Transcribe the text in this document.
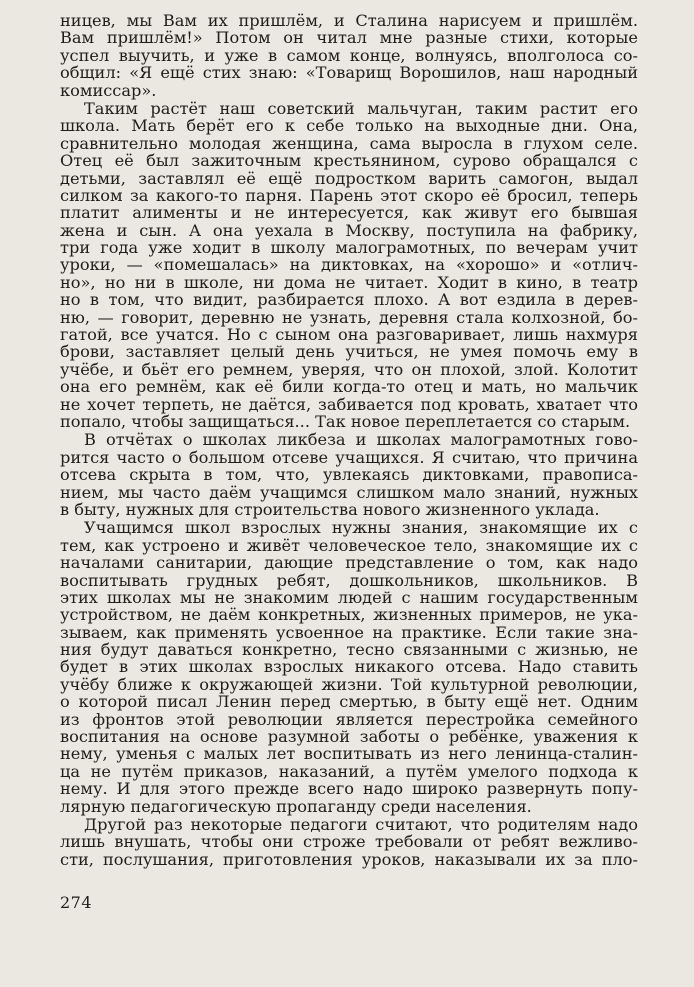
ницев, мы Вам их пришлём, и Сталина нарисуем и пришлём.
Вам пришлём!» Потом он читал мне разные стихи, которые
успел выучить, и уже в самом конце, волнуясь, вполголоса со-
общил: «Я ещё стих знаю: «Товарищ Ворошилов, наш народный
комиссар».
Таким растёт наш советский мальчуган, таким растит его
школа. Мать берёт его к себе только на выходные дни. Она,
сравнительно молодая женщина, сама выросла в глухом селе.
Отец её был зажиточным крестьянином, сурово обращался с
детьми, заставлял её ещё подростком варить самогон, выдал
силком за какого-то парня. Парень этот скоро её бросил, теперь
платит алименты и не интересуется, как живут его бывшая
жена и сын. А она уехала в Москву, поступила на фабрику,
три года уже ходит в школу малограмотных, по вечерам учит
уроки, — «помешалась» на диктовках, на «хорошо» и «отлич-
но», но ни в школе, ни дома не читает. Ходит в кино, в театр
но в том, что видит, разбирается плохо. А вот ездила в дерев-
ню, — говорит, деревню не узнать, деревня стала колхозной, бо-
гатой, все учатся. Но с сыном она разговаривает, лишь нахмуря
брови, заставляет целый день учиться, не умея помочь ему в
учёбе, и бьёт его ремнем, уверяя, что он плохой, злой. Колотит
она его ремнём, как её били когда-то отец и мать, но мальчик
не хочет терпеть, не даётся, забивается под кровать, хватает что
попало, чтобы защищаться... Так новое переплетается со старым.
В отчётах о школах ликбеза и школах малограмотных гово-
рится часто о большом отсеве учащихся. Я считаю, что причина
отсева скрыта в том, что, увлекаясь диктовками, правописа-
нием, мы часто даём учащимся слишком мало знаний, нужных
в быту, нужных для строительства нового жизненного уклада.
Учащимся школ взрослых нужны знания, знакомящие их с
тем, как устроено и живёт человеческое тело, знакомящие их с
началами санитарии, дающие представление о том, как надо
воспитывать грудных ребят, дошкольников, школьников. В
этих школах мы не знакомим людей с нашим государственным
устройством, не даём конкретных, жизненных примеров, не ука-
зываем, как применять усвоенное на практике. Если такие зна-
ния будут даваться конкретно, тесно связанными с жизнью, не
будет в этих школах взрослых никакого отсева. Надо ставить
учёбу ближе к окружающей жизни. Той культурной революции,
о которой писал Ленин перед смертью, в быту ещё нет. Одним
из фронтов этой революции является перестройка семейного
воспитания на основе разумной заботы о ребёнке, уважения к
нему, уменья с малых лет воспитывать из него ленинца-сталин-
ца не путём приказов, наказаний, а путём умелого подхода к
нему. И для этого прежде всего надо широко развернуть попу-
лярную педагогическую пропаганду среди населения.
Другой раз некоторые педагоги считают, что родителям надо
лишь внушать, чтобы они строже требовали от ребят вежливо-
сти, послушания, приготовления уроков, наказывали их за пло-
274
